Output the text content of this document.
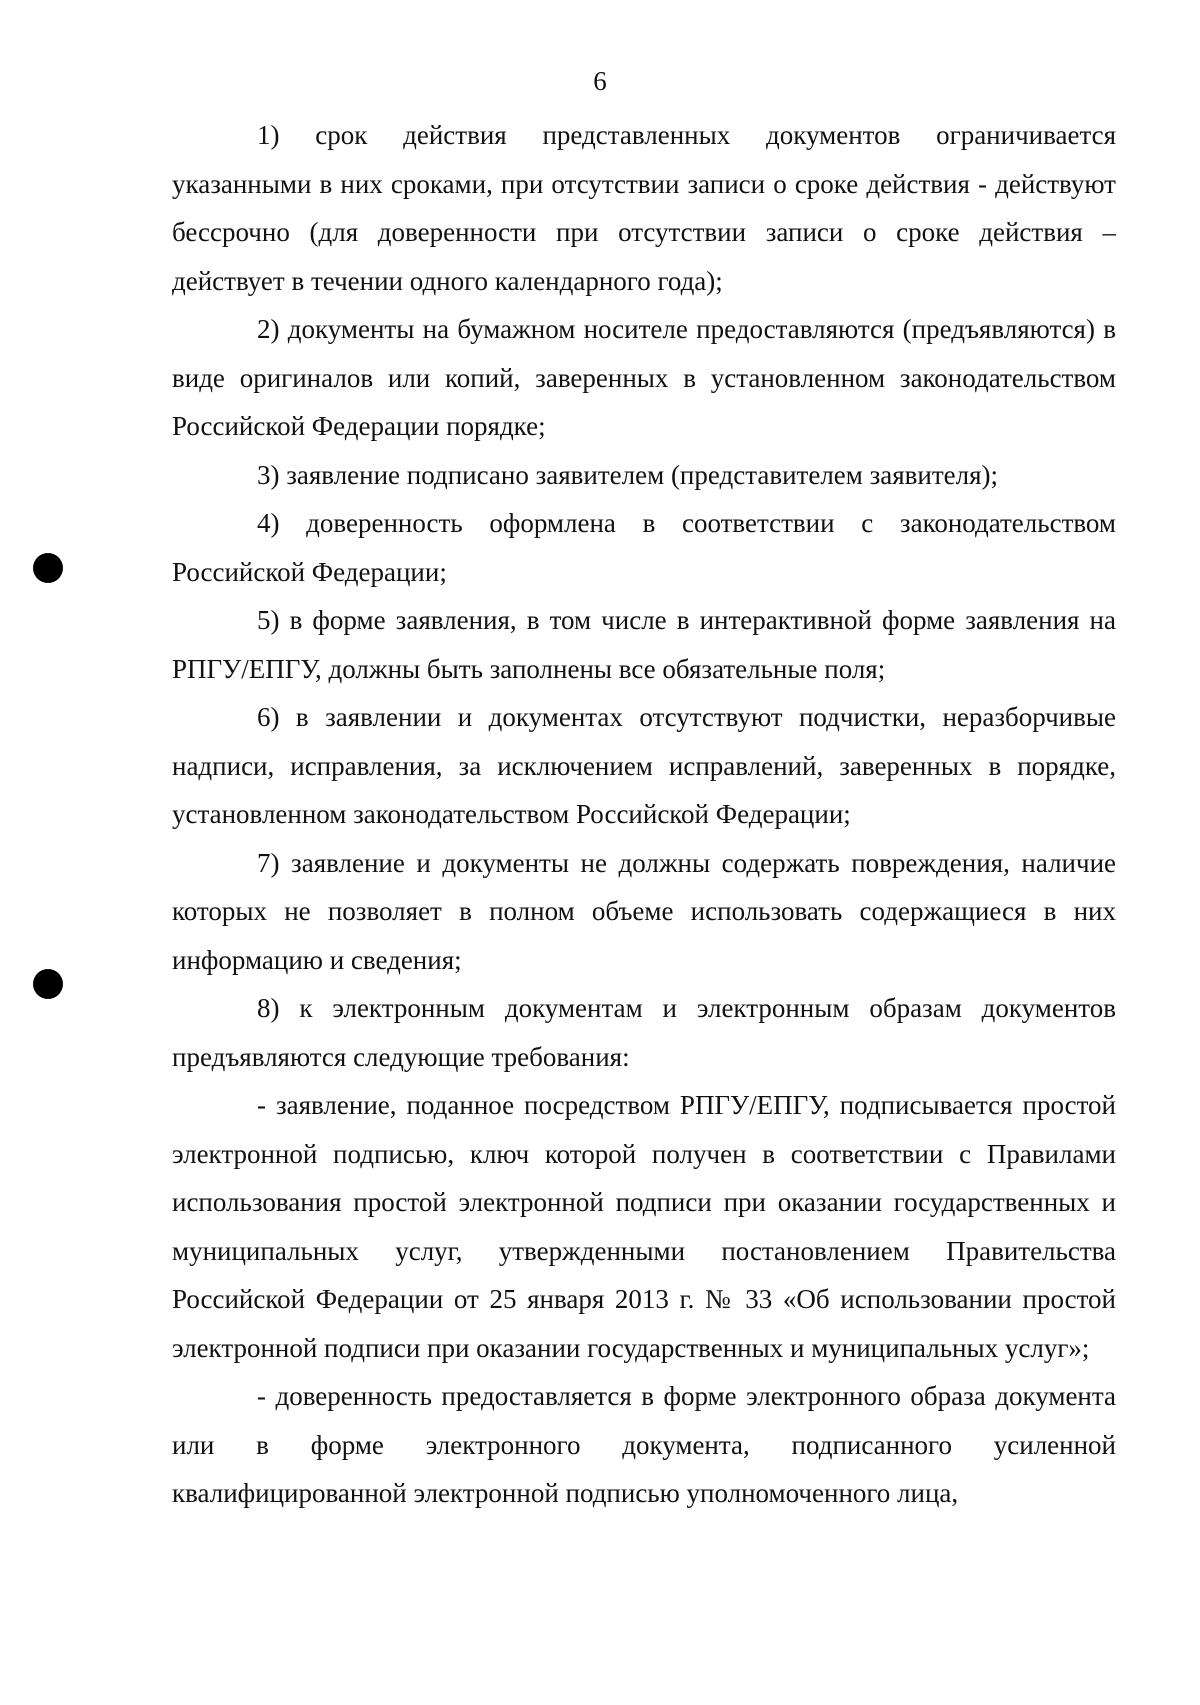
6

1) срок действия представленных документов ограничивается указанными в них сроками, при отсутствии записи о сроке действия - действуют бессрочно (для доверенности при отсутствии записи о сроке действия – действует в течении одного календарного года);

2) документы на бумажном носителе предоставляются (предъявляются) в виде оригиналов или копий, заверенных в установленном законодательством Российской Федерации порядке;

3) заявление подписано заявителем (представителем заявителя);

4) доверенность оформлена в соответствии с законодательством Российской Федерации;

5) в форме заявления, в том числе в интерактивной форме заявления на РПГУ/ЕПГУ, должны быть заполнены все обязательные поля;

6) в заявлении и документах отсутствуют подчистки, неразборчивые надписи, исправления, за исключением исправлений, заверенных в порядке, установленном законодательством Российской Федерации;

7) заявление и документы не должны содержать повреждения, наличие которых не позволяет в полном объеме использовать содержащиеся в них информацию и сведения;

8) к электронным документам и электронным образам документов предъявляются следующие требования:

- заявление, поданное посредством РПГУ/ЕПГУ, подписывается простой электронной подписью, ключ которой получен в соответствии с Правилами использования простой электронной подписи при оказании государственных и муниципальных услуг, утвержденными постановлением Правительства Российской Федерации от 25 января 2013 г. № 33 «Об использовании простой электронной подписи при оказании государственных и муниципальных услуг»;

- доверенность предоставляется в форме электронного образа документа или в форме электронного документа, подписанного усиленной квалифицированной электронной подписью уполномоченного лица,
